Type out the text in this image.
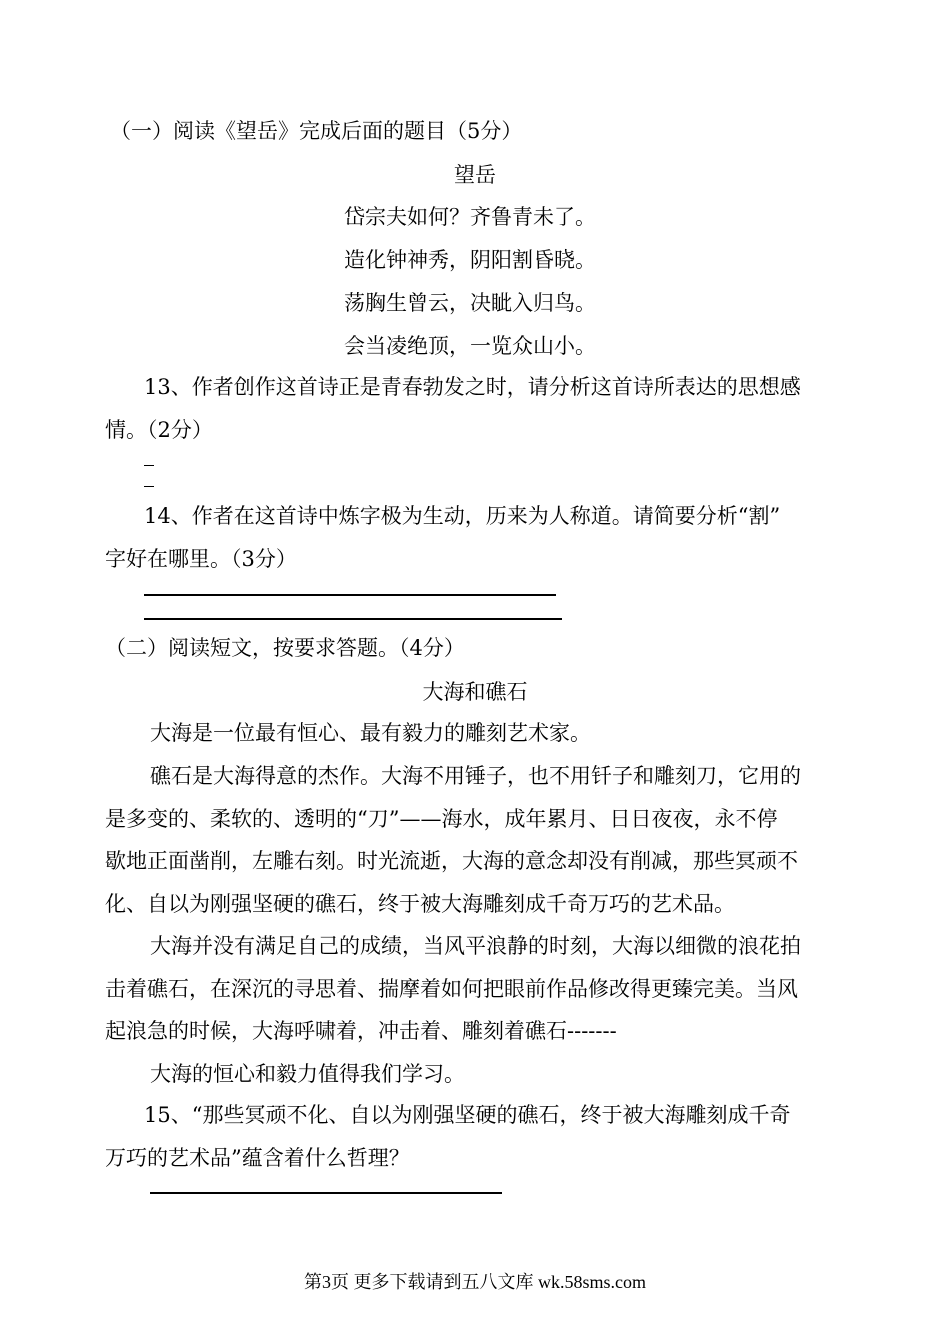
（一）阅读《望岳》完成后面的题目（5分）
望岳
岱宗夫如何？齐鲁青未了。
造化钟神秀，阴阳割昏晓。
荡胸生曾云，决眦入归鸟。
会当凌绝顶，一览众山小。
13、作者创作这首诗正是青春勃发之时，请分析这首诗所表达的思想感
情。（2分）
14、作者在这首诗中炼字极为生动，历来为人称道。请简要分析“割”
字好在哪里。（3分）
（二）阅读短文，按要求答题。（4分）
大海和礁石
大海是一位最有恒心、最有毅力的雕刻艺术家。
礁石是大海得意的杰作。大海不用锤子，也不用钎子和雕刻刀，它用的
是多变的、柔软的、透明的“刀”——海水，成年累月、日日夜夜，永不停
歇地正面凿削，左雕右刻。时光流逝，大海的意念却没有削减，那些冥顽不
化、自以为刚强坚硬的礁石，终于被大海雕刻成千奇万巧的艺术品。
大海并没有满足自己的成绩，当风平浪静的时刻，大海以细微的浪花拍
击着礁石，在深沉的寻思着、揣摩着如何把眼前作品修改得更臻完美。当风
起浪急的时候，大海呼啸着，冲击着、雕刻着礁石-------
大海的恒心和毅力值得我们学习。
15、“那些冥顽不化、自以为刚强坚硬的礁石，终于被大海雕刻成千奇
万巧的艺术品”蕴含着什么哲理？
第3页 更多下载请到五八文库 wk.58sms.com
